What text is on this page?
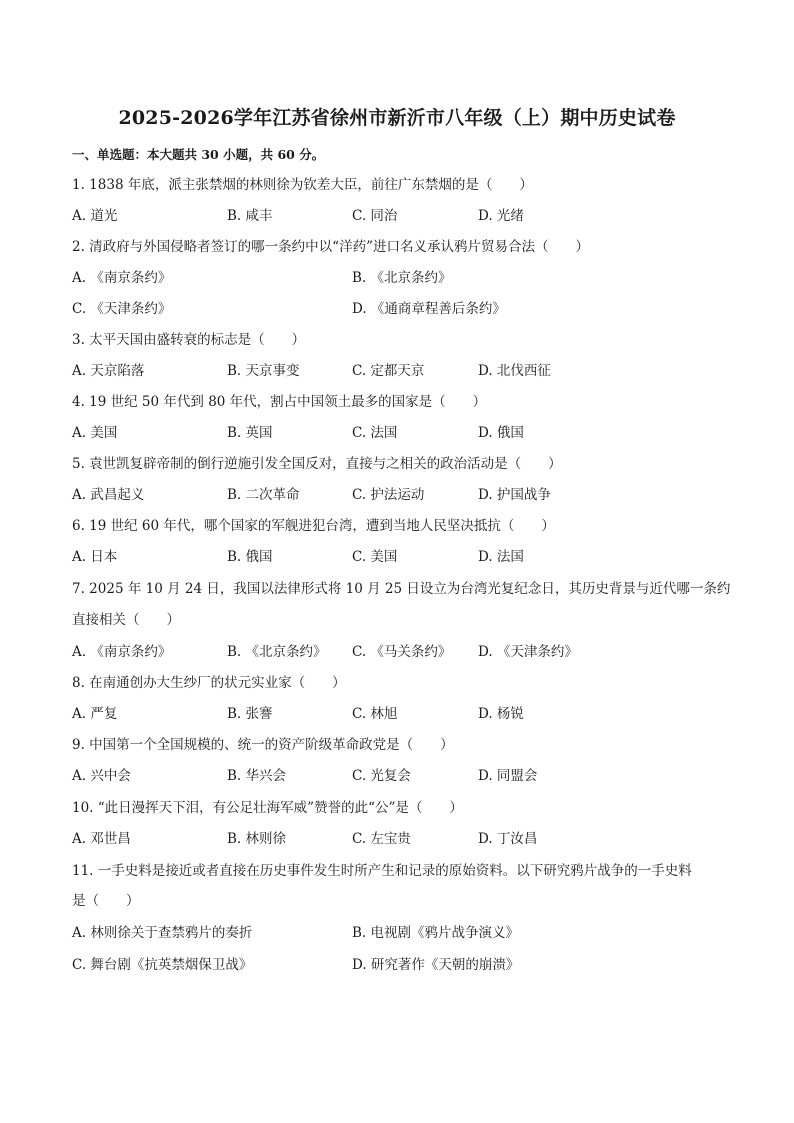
2025-2026学年江苏省徐州市新沂市八年级（上）期中历史试卷
一、单选题：本大题共 30 小题，共 60 分。
1. 1838 年底，派主张禁烟的林则徐为钦差大臣，前往广东禁烟的是（　　）
A. 道光	B. 咸丰	C. 同治	D. 光绪
2. 清政府与外国侵略者签订的哪一条约中以“洋药”进口名义承认鸦片贸易合法（　　）
A. 《南京条约》	B. 《北京条约》
C. 《天津条约》	D. 《通商章程善后条约》
3. 太平天国由盛转衰的标志是（　　）
A. 天京陷落	B. 天京事变	C. 定都天京	D. 北伐西征
4. 19 世纪 50 年代到 80 年代，割占中国领土最多的国家是（　　）
A. 美国	B. 英国	C. 法国	D. 俄国
5. 袁世凯复辟帝制的倒行逆施引发全国反对，直接与之相关的政治活动是（　　）
A. 武昌起义	B. 二次革命	C. 护法运动	D. 护国战争
6. 19 世纪 60 年代，哪个国家的军舰进犯台湾，遭到当地人民坚决抵抗（　　）
A. 日本	B. 俄国	C. 美国	D. 法国
7. 2025 年 10 月 24 日，我国以法律形式将 10 月 25 日设立为台湾光复纪念日，其历史背景与近代哪一条约
直接相关（　　）
A. 《南京条约》	B. 《北京条约》 C. 《马关条约》 D. 《天津条约》
8. 在南通创办大生纱厂的状元实业家（　　）
A. 严复	B. 张謇	C. 林旭	D. 杨锐
9. 中国第一个全国规模的、统一的资产阶级革命政党是（　　）
A. 兴中会	B. 华兴会	C. 光复会	D. 同盟会
10. “此日漫挥天下泪，有公足壮海军威”赞誉的此“公”是（　　）
A. 邓世昌	B. 林则徐	C. 左宝贵	D. 丁汝昌
11. 一手史料是接近或者直接在历史事件发生时所产生和记录的原始资料。以下研究鸦片战争的一手史料
是（　　）
A. 林则徐关于查禁鸦片的奏折	B. 电视剧《鸦片战争演义》
C. 舞台剧《抗英禁烟保卫战》	D. 研究著作《天朝的崩溃》
